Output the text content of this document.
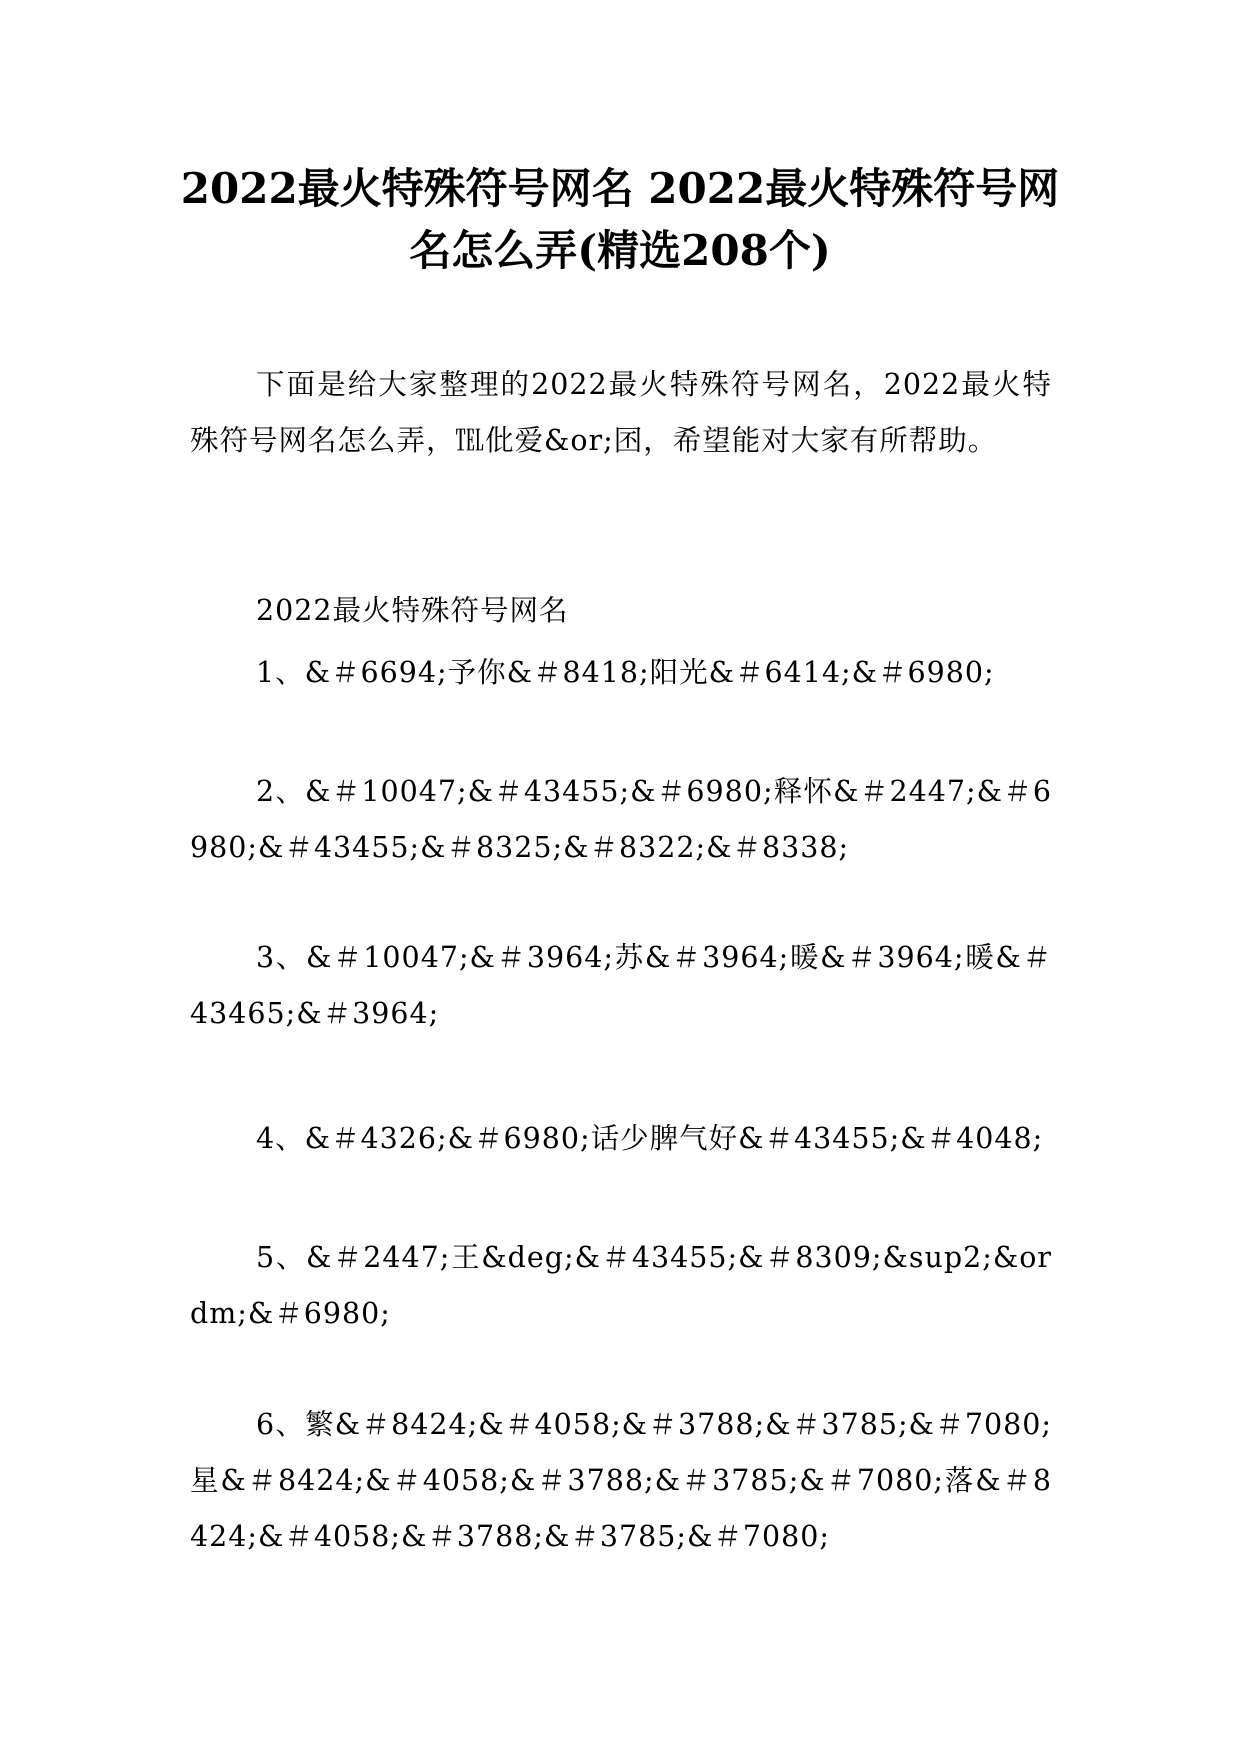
2022最火特殊符号网名 2022最火特殊符号网名怎么弄(精选208个)
下面是给大家整理的2022最火特殊符号网名，2022最火特殊符号网名怎么弄，℡仳爱&or;囨，希望能对大家有所帮助。
2022最火特殊符号网名
1、&＃6694;予你&＃8418;阳光&＃6414;&＃6980;
2、&＃10047;&＃43455;&＃6980;释怀&＃2447;&＃6980;&＃43455;&＃8325;&＃8322;&＃8338;
3、&＃10047;&＃3964;苏&＃3964;暖&＃3964;暖&＃43465;&＃3964;
4、&＃4326;&＃6980;话少脾气好&＃43455;&＃4048;
5、&＃2447;王&deg;&＃43455;&＃8309;&sup2;&ordm;&＃6980;
6、繁&＃8424;&＃4058;&＃3788;&＃3785;&＃7080;星&＃8424;&＃4058;&＃3788;&＃3785;&＃7080;落&＃8424;&＃4058;&＃3788;&＃3785;&＃7080;
